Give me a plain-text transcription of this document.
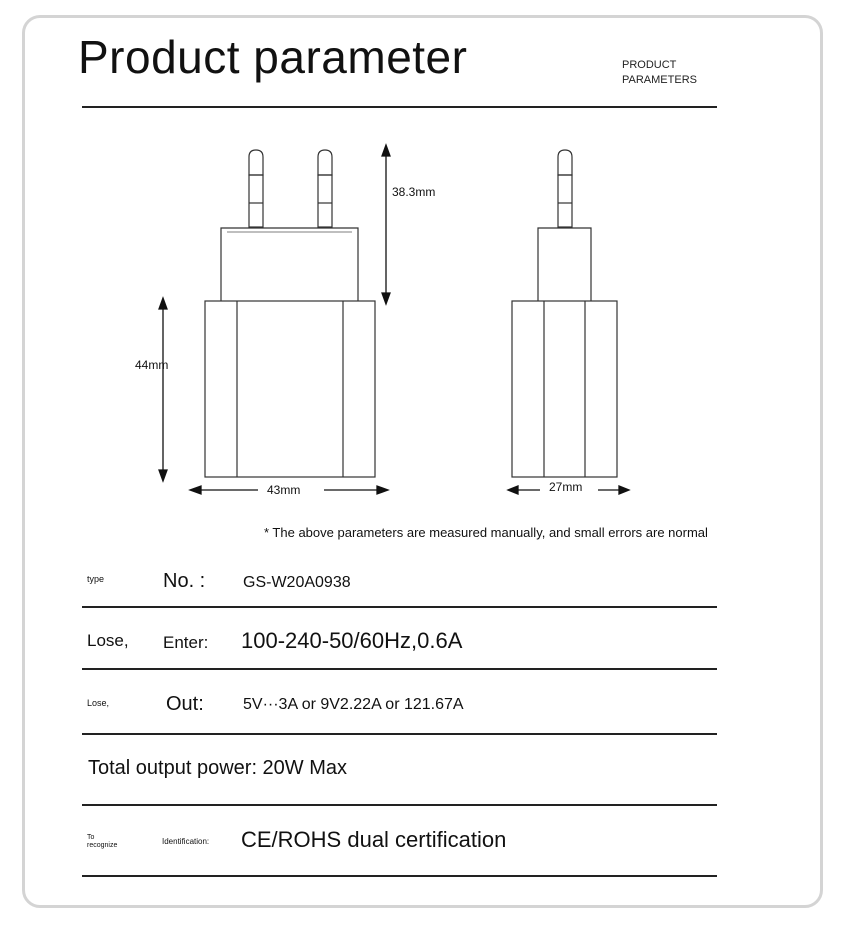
Product parameter	PRODUCT
PARAMETERS
38.3mm
44mm
43mm	27mm
* The above parameters are measured manually, and small errors are normal
type	No. : GS-W20A0938
Lose, Enter: 100-240-50/60Hz,0.6A
Lose,	Out: 5V···3A or 9V2.22A or 121.67A
Total output power: 20W Max
To
recognize	Identification: CE/ROHS dual certification
